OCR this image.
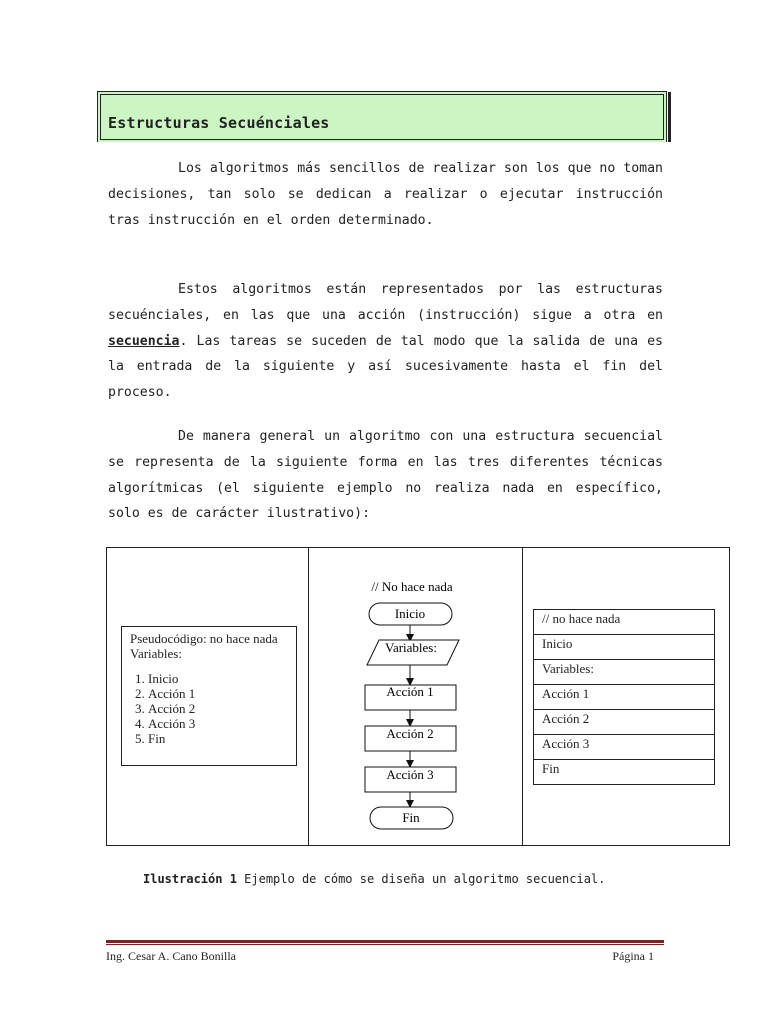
Estructuras Secuénciales
Los algoritmos más sencillos de realizar son los que no toman decisiones, tan solo se dedican a realizar o ejecutar instrucción tras instrucción en el orden determinado.
Estos algoritmos están representados por las estructuras secuénciales, en las que una acción (instrucción) sigue a otra en secuencia. Las tareas se suceden de tal modo que la salida de una es la entrada de la siguiente y así sucesivamente hasta el fin del proceso.
De manera general un algoritmo con una estructura secuencial se representa de la siguiente forma en las tres diferentes técnicas algorítmicas (el siguiente ejemplo no realiza nada en específico, solo es de carácter ilustrativo):
Pseudocódigo: no hace nada
Variables:
1. Inicio
2. Acción 1
3. Acción 2
4. Acción 3
5. Fin
// No hace nada
Inicio
Variables:
Acción 1
Acción 2
Acción 3
Fin
// no hace nada
Inicio
Variables:
Acción 1
Acción 2
Acción 3
Fin
Ilustración 1 Ejemplo de cómo se diseña un algoritmo secuencial.
Ing. Cesar A. Cano Bonilla	Página 1
